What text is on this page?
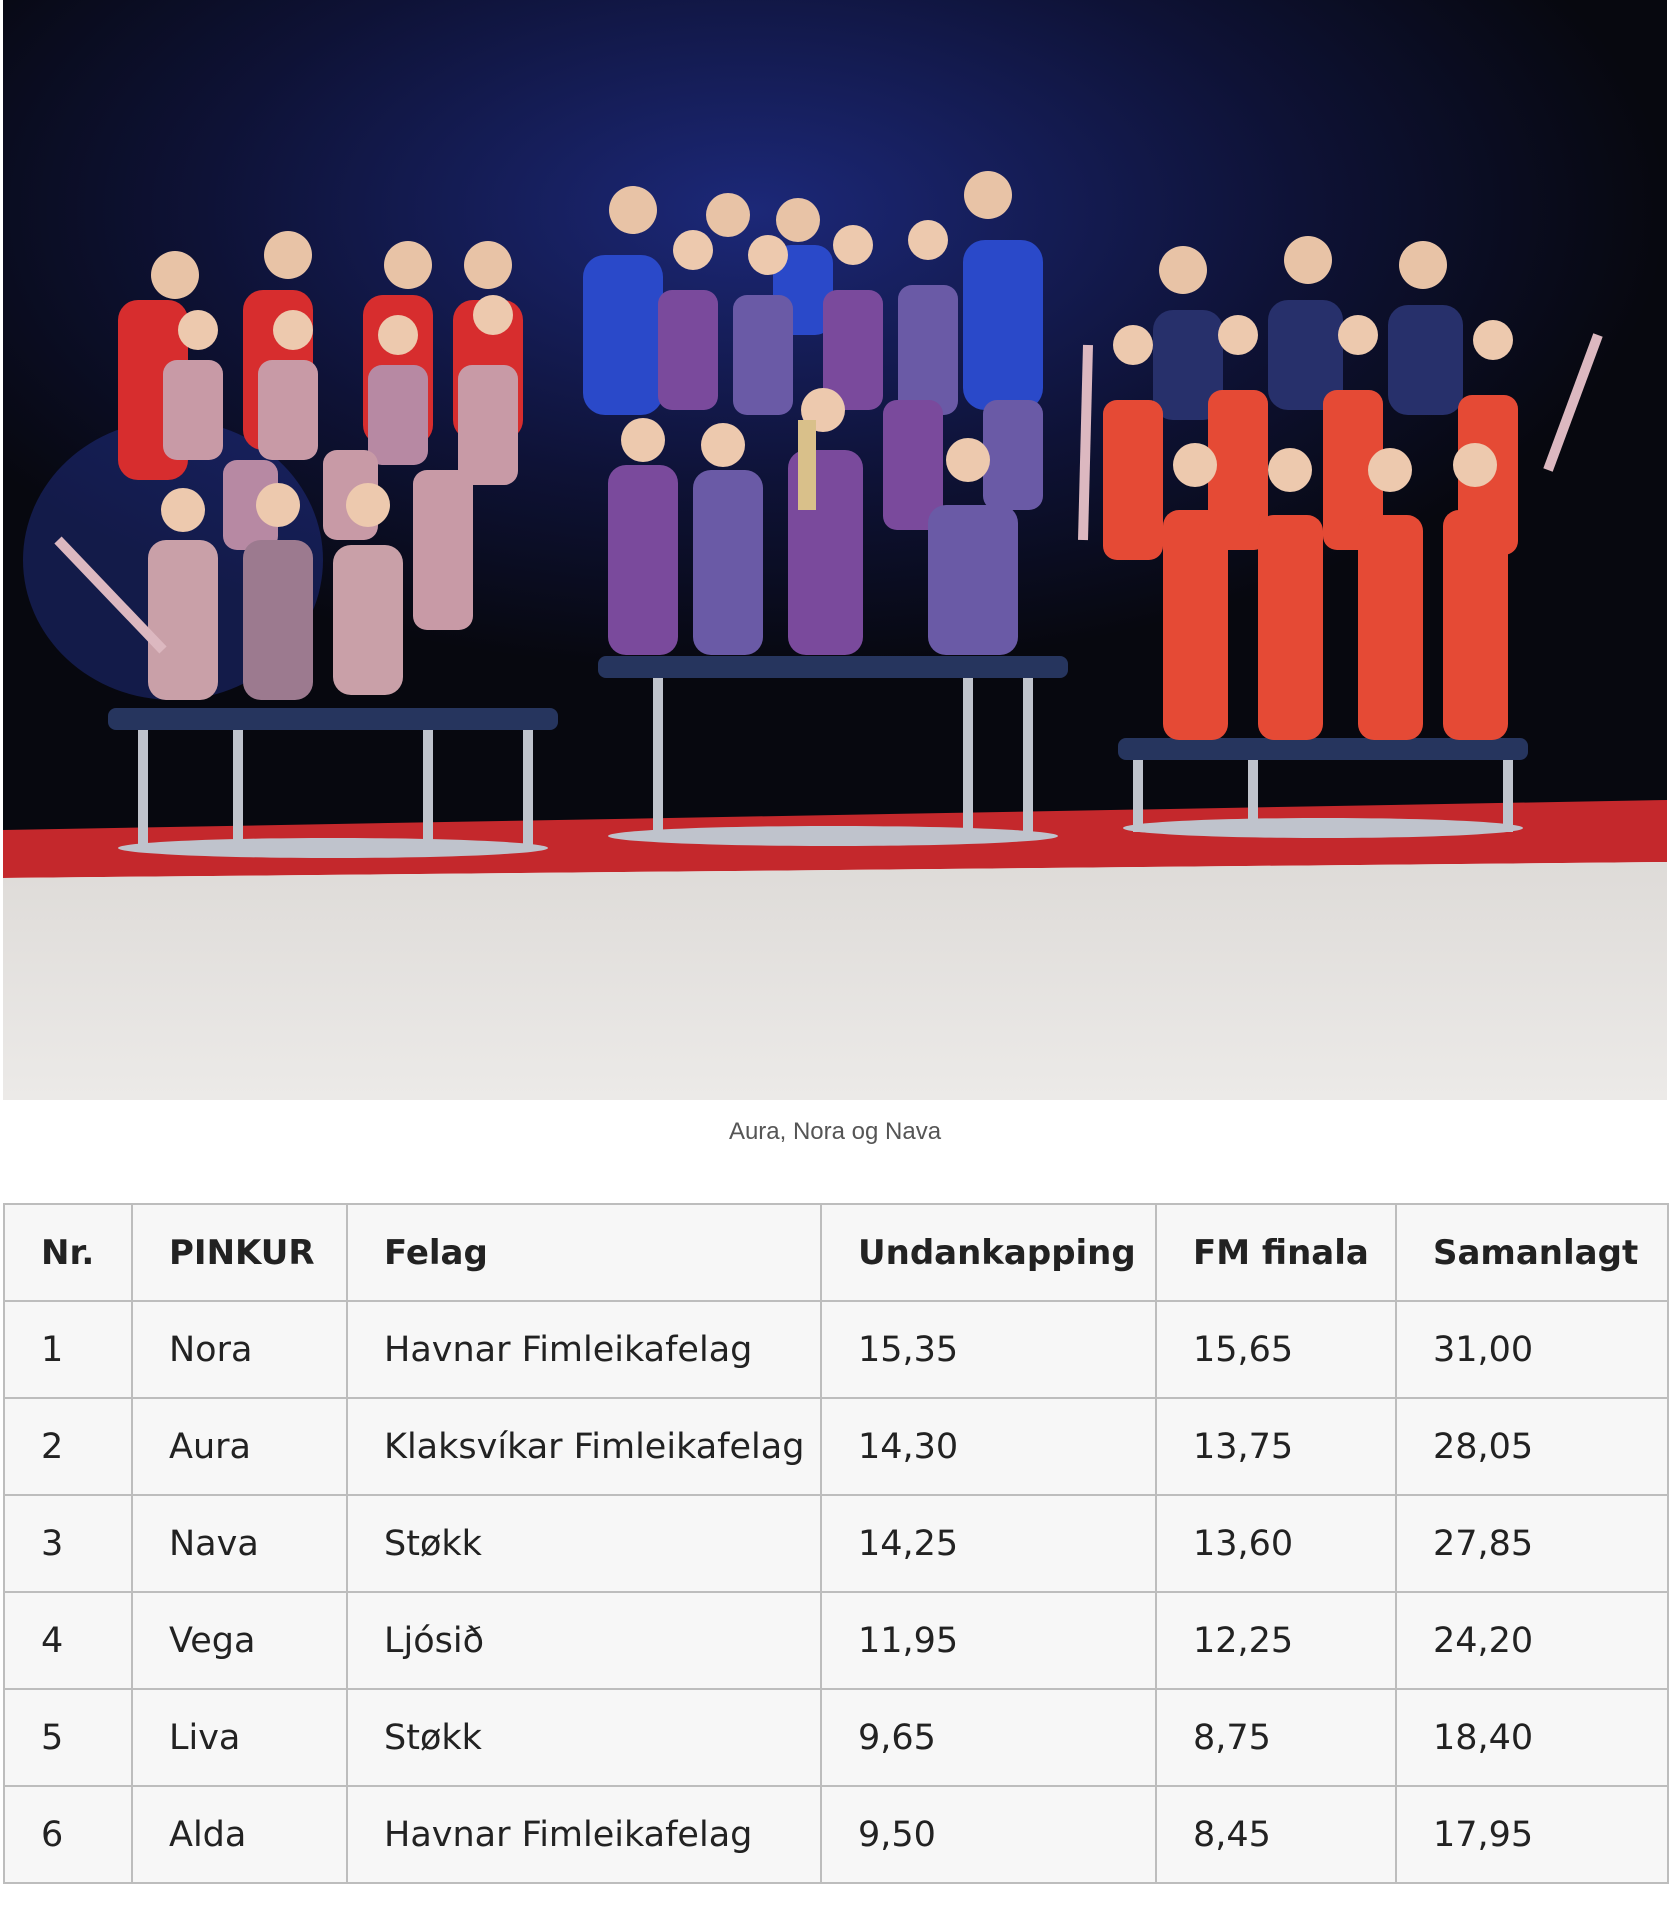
Aura, Nora og Nava
Nr.	PINKUR	Felag	Undankapping	FM finala	Samanlagt
1	Nora	Havnar Fimleikafelag	15,35	15,65	31,00
2	Aura	Klaksvíkar Fimleikafelag	14,30	13,75	28,05
3	Nava	Støkk	14,25	13,60	27,85
4	Vega	Ljósið	11,95	12,25	24,20
5	Liva	Støkk	9,65	8,75	18,40
6	Alda	Havnar Fimleikafelag	9,50	8,45	17,95
